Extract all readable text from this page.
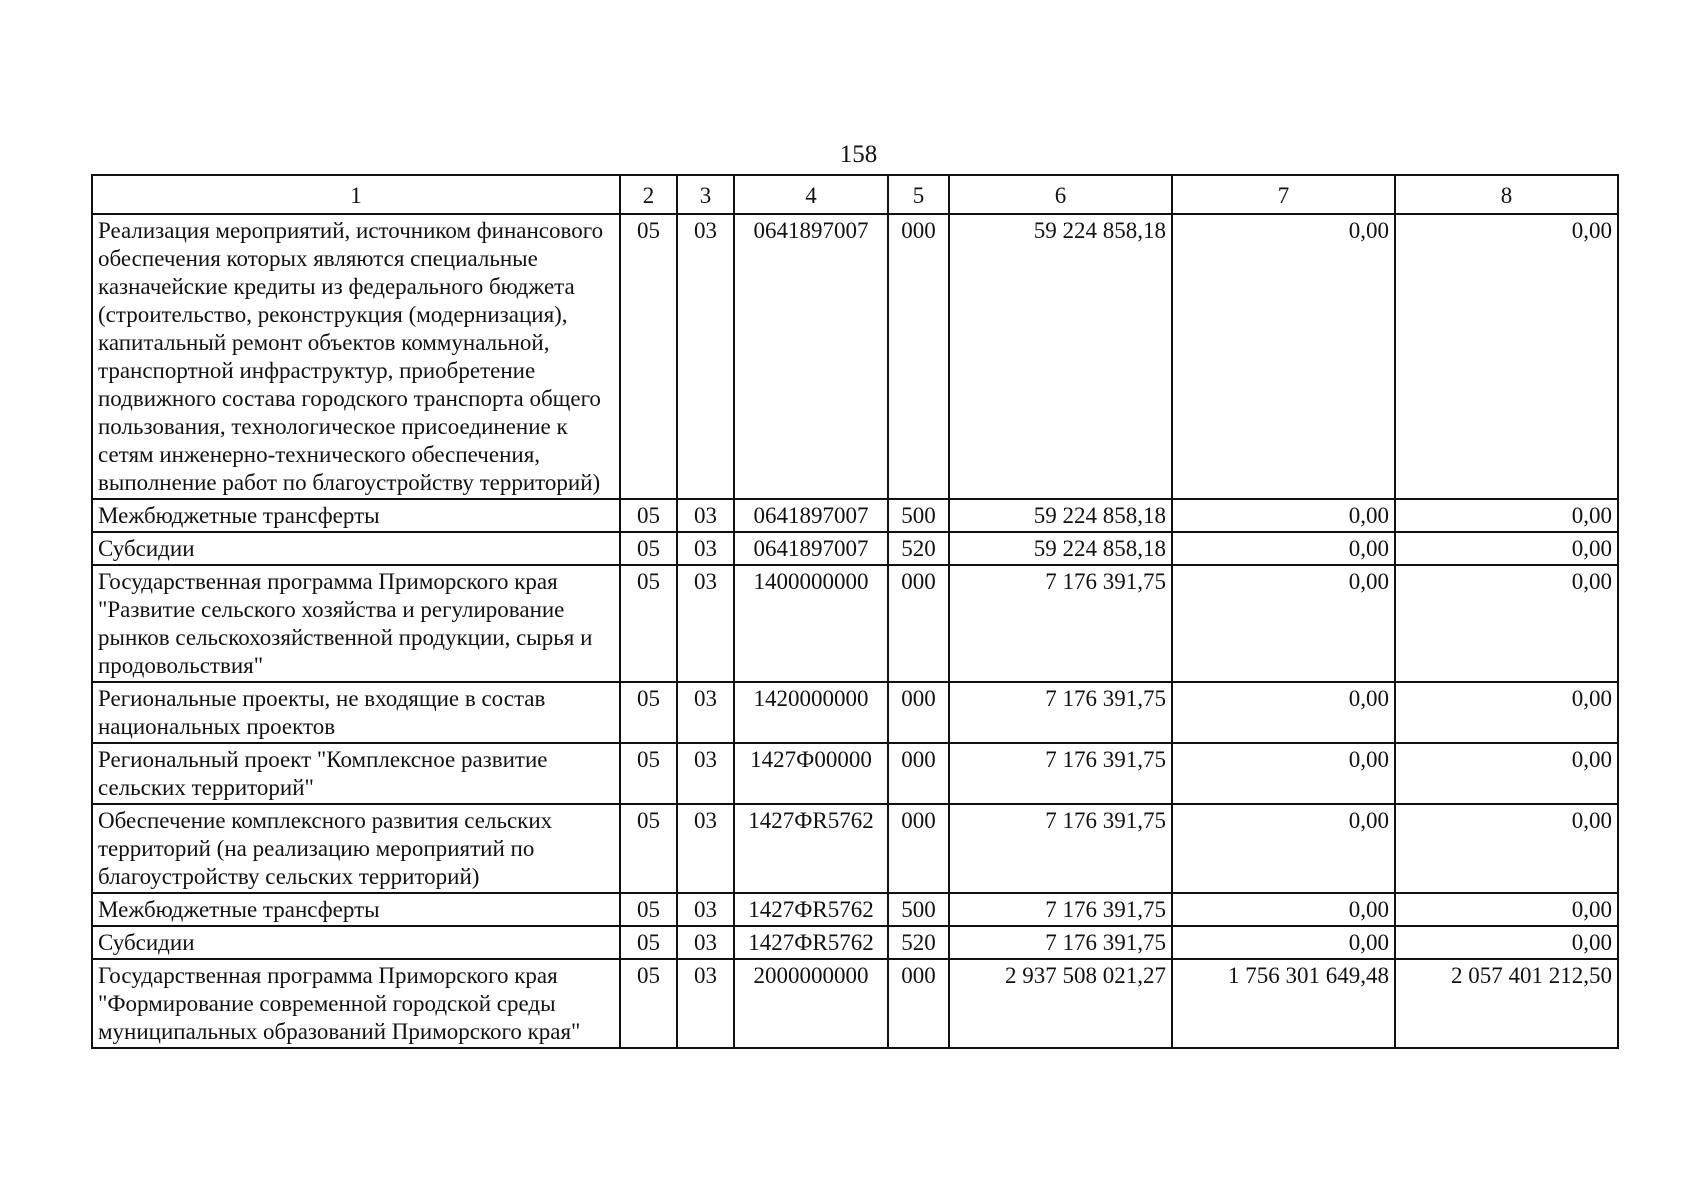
158
1	2	3	4	5	6	7	8
Реализация мероприятий, источником финансового обеспечения которых являются специальные казначейские кредиты из федерального бюджета (строительство, реконструкция (модернизация), капитальный ремонт объектов коммунальной, транспортной инфраструктур, приобретение подвижного состава городского транспорта общего пользования, технологическое присоединение к сетям инженерно-технического обеспечения, выполнение работ по благоустройству территорий)	05	03	0641897007	000	59 224 858,18	0,00	0,00
Межбюджетные трансферты	05	03	0641897007	500	59 224 858,18	0,00	0,00
Субсидии	05	03	0641897007	520	59 224 858,18	0,00	0,00
Государственная программа Приморского края "Развитие сельского хозяйства и регулирование рынков сельскохозяйственной продукции, сырья и продовольствия"	05	03	1400000000	000	7 176 391,75	0,00	0,00
Региональные проекты, не входящие в состав национальных проектов	05	03	1420000000	000	7 176 391,75	0,00	0,00
Региональный проект "Комплексное развитие сельских территорий"	05	03	1427Ф00000	000	7 176 391,75	0,00	0,00
Обеспечение комплексного развития сельских территорий (на реализацию мероприятий по благоустройству сельских территорий)	05	03	1427ФR5762	000	7 176 391,75	0,00	0,00
Межбюджетные трансферты	05	03	1427ФR5762	500	7 176 391,75	0,00	0,00
Субсидии	05	03	1427ФR5762	520	7 176 391,75	0,00	0,00
Государственная программа Приморского края "Формирование современной городской среды муниципальных образований Приморского края"	05	03	2000000000	000	2 937 508 021,27	1 756 301 649,48	2 057 401 212,50
